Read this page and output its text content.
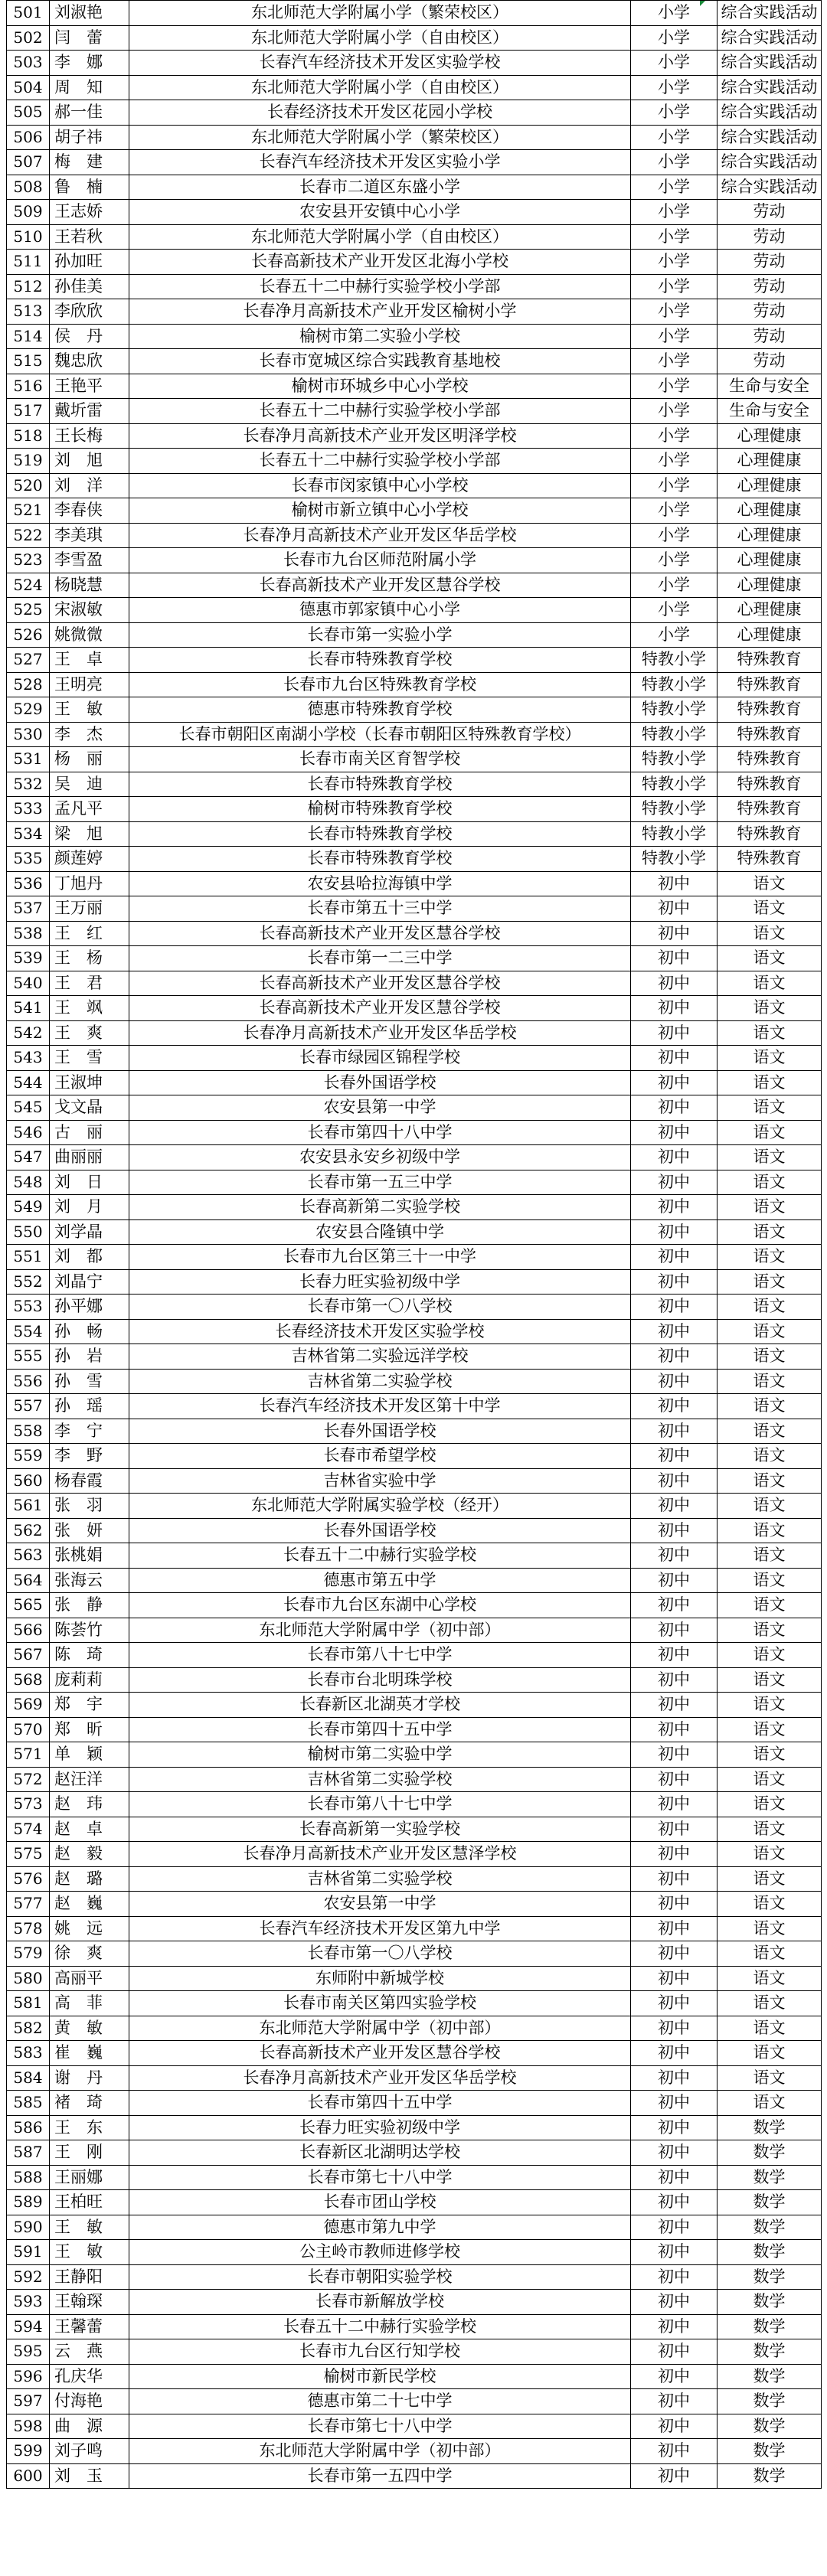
501	刘淑艳	东北师范大学附属小学（繁荣校区）	小学	综合实践活动
502	闫　蕾	东北师范大学附属小学（自由校区）	小学	综合实践活动
503	李　娜	长春汽车经济技术开发区实验学校	小学	综合实践活动
504	周　知	东北师范大学附属小学（自由校区）	小学	综合实践活动
505	郝一佳	长春经济技术开发区花园小学校	小学	综合实践活动
506	胡子祎	东北师范大学附属小学（繁荣校区）	小学	综合实践活动
507	梅　建	长春汽车经济技术开发区实验小学	小学	综合实践活动
508	鲁　楠	长春市二道区东盛小学	小学	综合实践活动
509	王志娇	农安县开安镇中心小学	小学	劳动
510	王若秋	东北师范大学附属小学（自由校区）	小学	劳动
511	孙加旺	长春高新技术产业开发区北海小学校	小学	劳动
512	孙佳美	长春五十二中赫行实验学校小学部	小学	劳动
513	李欣欣	长春净月高新技术产业开发区榆树小学	小学	劳动
514	侯　丹	榆树市第二实验小学校	小学	劳动
515	魏忠欣	长春市宽城区综合实践教育基地校	小学	劳动
516	王艳平	榆树市环城乡中心小学校	小学	生命与安全
517	戴圻雷	长春五十二中赫行实验学校小学部	小学	生命与安全
518	王长梅	长春净月高新技术产业开发区明泽学校	小学	心理健康
519	刘　旭	长春五十二中赫行实验学校小学部	小学	心理健康
520	刘　洋	长春市闵家镇中心小学校	小学	心理健康
521	李春侠	榆树市新立镇中心小学校	小学	心理健康
522	李美琪	长春净月高新技术产业开发区华岳学校	小学	心理健康
523	李雪盈	长春市九台区师范附属小学	小学	心理健康
524	杨晓慧	长春高新技术产业开发区慧谷学校	小学	心理健康
525	宋淑敏	德惠市郭家镇中心小学	小学	心理健康
526	姚微微	长春市第一实验小学	小学	心理健康
527	王　卓	长春市特殊教育学校	特教小学	特殊教育
528	王明亮	长春市九台区特殊教育学校	特教小学	特殊教育
529	王　敏	德惠市特殊教育学校	特教小学	特殊教育
530	李　杰	长春市朝阳区南湖小学校（长春市朝阳区特殊教育学校）	特教小学	特殊教育
531	杨　丽	长春市南关区育智学校	特教小学	特殊教育
532	吴　迪	长春市特殊教育学校	特教小学	特殊教育
533	孟凡平	榆树市特殊教育学校	特教小学	特殊教育
534	梁　旭	长春市特殊教育学校	特教小学	特殊教育
535	颜莲婷	长春市特殊教育学校	特教小学	特殊教育
536	丁旭丹	农安县哈拉海镇中学	初中	语文
537	王万丽	长春市第五十三中学	初中	语文
538	王　红	长春高新技术产业开发区慧谷学校	初中	语文
539	王　杨	长春市第一二三中学	初中	语文
540	王　君	长春高新技术产业开发区慧谷学校	初中	语文
541	王　飒	长春高新技术产业开发区慧谷学校	初中	语文
542	王　爽	长春净月高新技术产业开发区华岳学校	初中	语文
543	王　雪	长春市绿园区锦程学校	初中	语文
544	王淑坤	长春外国语学校	初中	语文
545	戈文晶	农安县第一中学	初中	语文
546	古　丽	长春市第四十八中学	初中	语文
547	曲丽丽	农安县永安乡初级中学	初中	语文
548	刘　日	长春市第一五三中学	初中	语文
549	刘　月	长春高新第二实验学校	初中	语文
550	刘学晶	农安县合隆镇中学	初中	语文
551	刘　都	长春市九台区第三十一中学	初中	语文
552	刘晶宁	长春力旺实验初级中学	初中	语文
553	孙平娜	长春市第一〇八学校	初中	语文
554	孙　畅	长春经济技术开发区实验学校	初中	语文
555	孙　岩	吉林省第二实验远洋学校	初中	语文
556	孙　雪	吉林省第二实验学校	初中	语文
557	孙　瑶	长春汽车经济技术开发区第十中学	初中	语文
558	李　宁	长春外国语学校	初中	语文
559	李　野	长春市希望学校	初中	语文
560	杨春霞	吉林省实验中学	初中	语文
561	张　羽	东北师范大学附属实验学校（经开）	初中	语文
562	张　妍	长春外国语学校	初中	语文
563	张桃娟	长春五十二中赫行实验学校	初中	语文
564	张海云	德惠市第五中学	初中	语文
565	张　静	长春市九台区东湖中心学校	初中	语文
566	陈荟竹	东北师范大学附属中学（初中部）	初中	语文
567	陈　琦	长春市第八十七中学	初中	语文
568	庞莉莉	长春市台北明珠学校	初中	语文
569	郑　宇	长春新区北湖英才学校	初中	语文
570	郑　昕	长春市第四十五中学	初中	语文
571	单　颖	榆树市第二实验中学	初中	语文
572	赵汪洋	吉林省第二实验学校	初中	语文
573	赵　玮	长春市第八十七中学	初中	语文
574	赵　卓	长春高新第一实验学校	初中	语文
575	赵　毅	长春净月高新技术产业开发区慧泽学校	初中	语文
576	赵　璐	吉林省第二实验学校	初中	语文
577	赵　巍	农安县第一中学	初中	语文
578	姚　远	长春汽车经济技术开发区第九中学	初中	语文
579	徐　爽	长春市第一〇八学校	初中	语文
580	高丽平	东师附中新城学校	初中	语文
581	高　菲	长春市南关区第四实验学校	初中	语文
582	黄　敏	东北师范大学附属中学（初中部）	初中	语文
583	崔　巍	长春高新技术产业开发区慧谷学校	初中	语文
584	谢　丹	长春净月高新技术产业开发区华岳学校	初中	语文
585	褚　琦	长春市第四十五中学	初中	语文
586	王　东	长春力旺实验初级中学	初中	数学
587	王　刚	长春新区北湖明达学校	初中	数学
588	王丽娜	长春市第七十八中学	初中	数学
589	王柏旺	长春市团山学校	初中	数学
590	王　敏	德惠市第九中学	初中	数学
591	王　敏	公主岭市教师进修学校	初中	数学
592	王静阳	长春市朝阳实验学校	初中	数学
593	王翰琛	长春市新解放学校	初中	数学
594	王馨蕾	长春五十二中赫行实验学校	初中	数学
595	云　燕	长春市九台区行知学校	初中	数学
596	孔庆华	榆树市新民学校	初中	数学
597	付海艳	德惠市第二十七中学	初中	数学
598	曲　源	长春市第七十八中学	初中	数学
599	刘子鸣	东北师范大学附属中学（初中部）	初中	数学
600	刘　玉	长春市第一五四中学	初中	数学
